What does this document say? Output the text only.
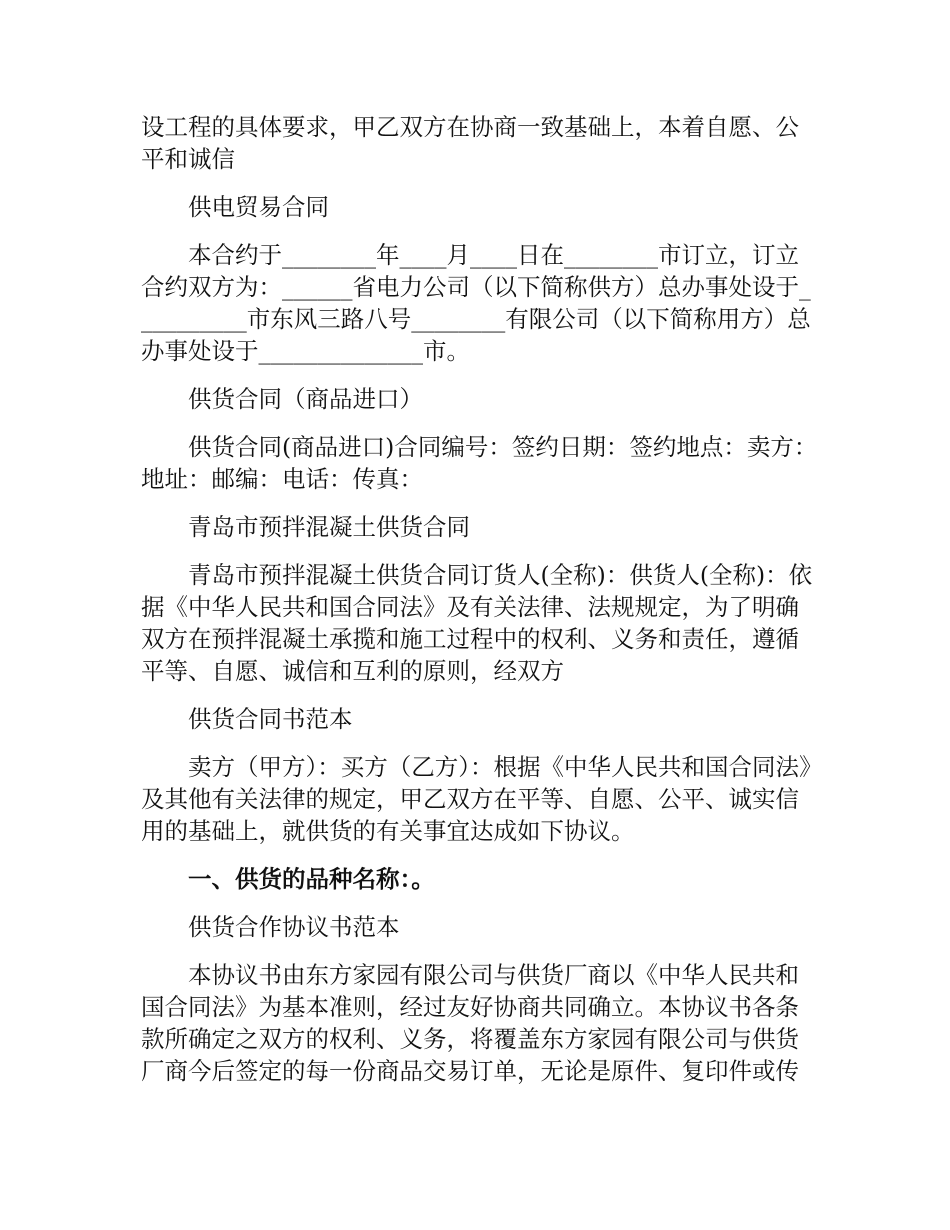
设工程的具体要求，甲乙双方在协商一致基础上，本着自愿、公平和诚信

供电贸易合同

本合约于________年____月____日在________市订立，订立合约双方为：______省电力公司（以下简称供方）总办事处设于__________市东风三路八号________有限公司（以下简称用方）总办事处设于______________市。

供货合同（商品进口）

供货合同(商品进口)合同编号：签约日期：签约地点：卖方：地址：邮编：电话：传真：

青岛市预拌混凝土供货合同

青岛市预拌混凝土供货合同订货人(全称)：供货人(全称)：依据《中华人民共和国合同法》及有关法律、法规规定，为了明确双方在预拌混凝土承揽和施工过程中的权利、义务和责任，遵循平等、自愿、诚信和互利的原则，经双方

供货合同书范本

卖方（甲方）：买方（乙方）：根据《中华人民共和国合同法》及其他有关法律的规定，甲乙双方在平等、自愿、公平、诚实信用的基础上，就供货的有关事宜达成如下协议。

一、供货的品种名称：。

供货合作协议书范本

本协议书由东方家园有限公司与供货厂商以《中华人民共和国合同法》为基本准则，经过友好协商共同确立。本协议书各条款所确定之双方的权利、义务，将覆盖东方家园有限公司与供货厂商今后签定的每一份商品交易订单，无论是原件、复印件或传
